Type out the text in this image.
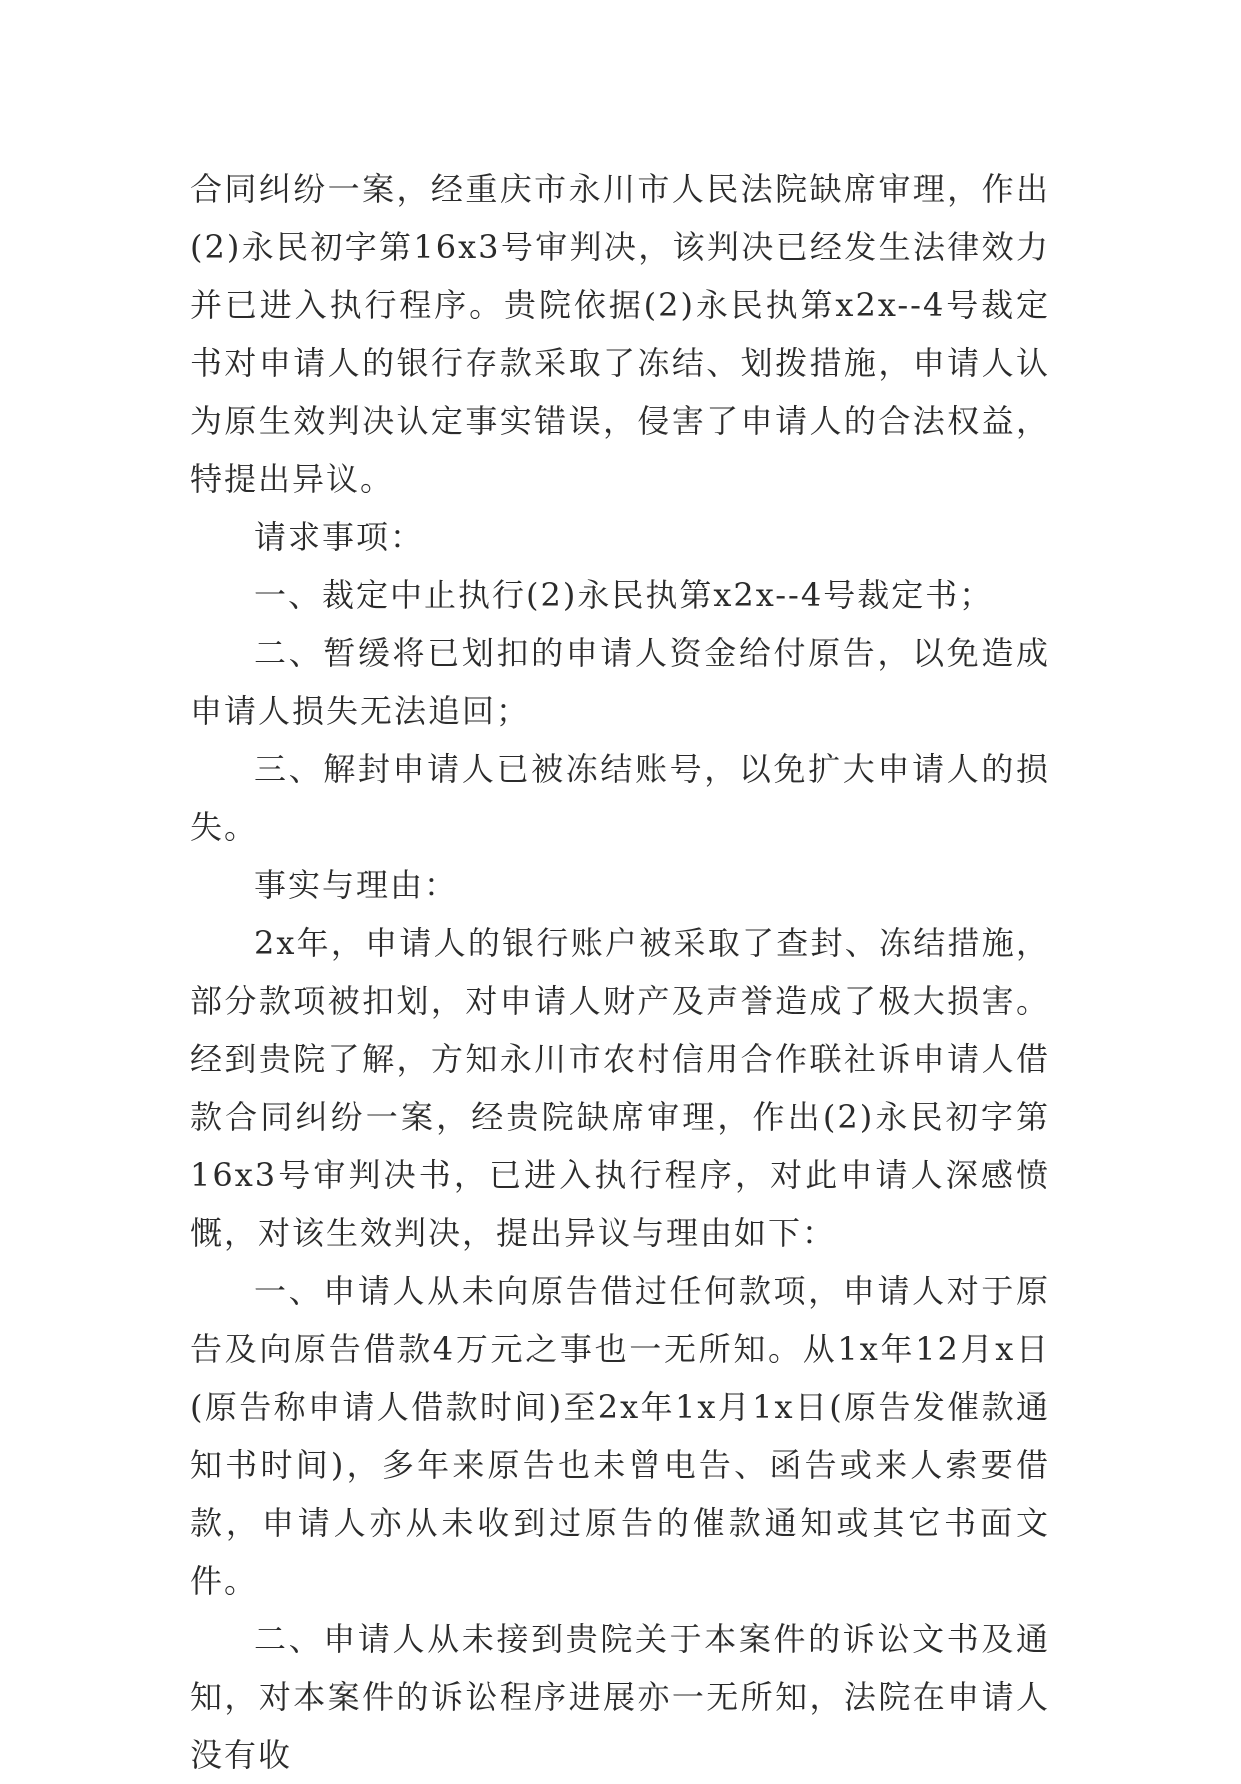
合同纠纷一案，经重庆市永川市人民法院缺席审理，作出(2)永民初字第16x3号审判决，该判决已经发生法律效力并已进入执行程序。贵院依据(2)永民执第x2x--4号裁定书对申请人的银行存款采取了冻结、划拨措施，申请人认为原生效判决认定事实错误，侵害了申请人的合法权益，特提出异议。

请求事项：

一、裁定中止执行(2)永民执第x2x--4号裁定书；

二、暂缓将已划扣的申请人资金给付原告，以免造成申请人损失无法追回；

三、解封申请人已被冻结账号，以免扩大申请人的损失。

事实与理由：

2x年，申请人的银行账户被采取了查封、冻结措施，部分款项被扣划，对申请人财产及声誉造成了极大损害。经到贵院了解，方知永川市农村信用合作联社诉申请人借款合同纠纷一案，经贵院缺席审理，作出(2)永民初字第16x3号审判决书，已进入执行程序，对此申请人深感愤慨，对该生效判决，提出异议与理由如下：

一、申请人从未向原告借过任何款项，申请人对于原告及向原告借款4万元之事也一无所知。从1x年12月x日(原告称申请人借款时间)至2x年1x月1x日(原告发催款通知书时间)，多年来原告也未曾电告、函告或来人索要借款，申请人亦从未收到过原告的催款通知或其它书面文件。

二、申请人从未接到贵院关于本案件的诉讼文书及通知，对本案件的诉讼程序进展亦一无所知，法院在申请人没有收
